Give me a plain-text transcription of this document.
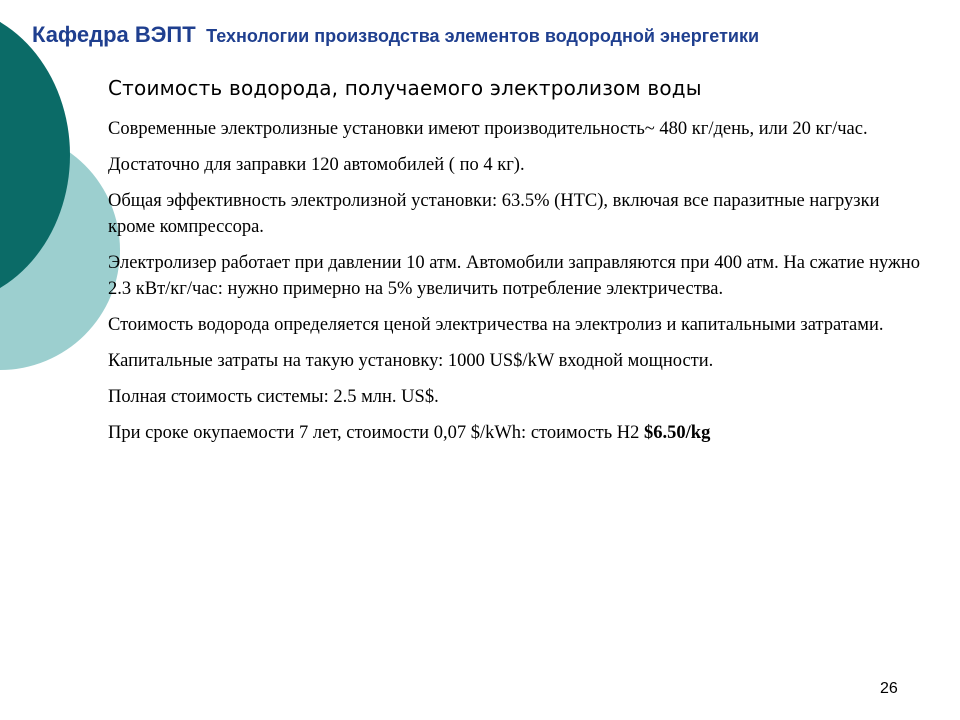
Кафедра ВЭПТ Технологии производства элементов водородной энергетики
Стоимость водорода, получаемого электролизом воды

Современные электролизные установки имеют производительность~ 480 кг/день, или 20 кг/час.

Достаточно для заправки 120 автомобилей ( по 4 кг).

Общая эффективность электролизной установки: 63.5% (HTC), включая все паразитные нагрузки кроме компрессора.

Электролизер работает при давлении 10 атм. Автомобили заправляются при 400 атм. На сжатие нужно 2.3 кВт/кг/час: нужно примерно на 5% увеличить потребление электричества.

Стоимость водорода определяется ценой электричества на электролиз и капитальными затратами.

Капитальные затраты на такую установку: 1000 US$/kW входной мощности.

Полная стоимость системы: 2.5 млн. US$.

При сроке окупаемости 7 лет, стоимости 0,07 $/kWh: стоимость H2 $6.50/kg

26
